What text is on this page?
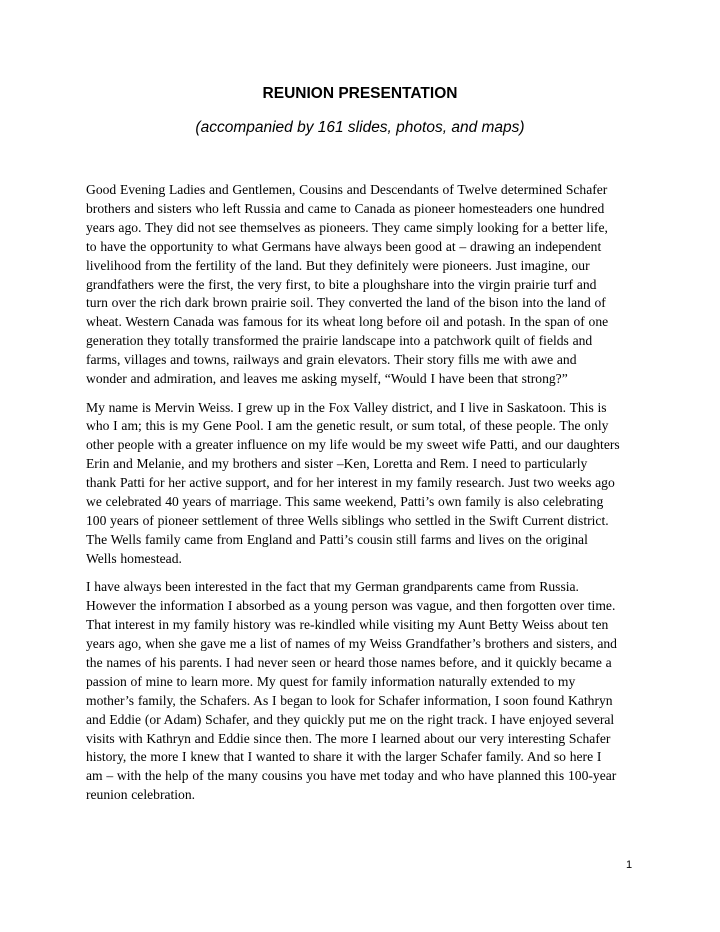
REUNION PRESENTATION
(accompanied by 161 slides, photos, and maps)

Good Evening Ladies and Gentlemen, Cousins and Descendants of Twelve determined Schafer
brothers and sisters who left Russia and came to Canada as pioneer homesteaders one hundred
years ago. They did not see themselves as pioneers. They came simply looking for a better life,
to have the opportunity to what Germans have always been good at – drawing an independent
livelihood from the fertility of the land. But they definitely were pioneers. Just imagine, our
grandfathers were the first, the very first, to bite a ploughshare into the virgin prairie turf and
turn over the rich dark brown prairie soil. They converted the land of the bison into the land of
wheat. Western Canada was famous for its wheat long before oil and potash. In the span of one
generation they totally transformed the prairie landscape into a patchwork quilt of fields and
farms, villages and towns, railways and grain elevators. Their story fills me with awe and
wonder and admiration, and leaves me asking myself, “Would I have been that strong?”

My name is Mervin Weiss. I grew up in the Fox Valley district, and I live in Saskatoon. This is
who I am; this is my Gene Pool. I am the genetic result, or sum total, of these people. The only
other people with a greater influence on my life would be my sweet wife Patti, and our daughters
Erin and Melanie, and my brothers and sister –Ken, Loretta and Rem. I need to particularly
thank Patti for her active support, and for her interest in my family research. Just two weeks ago
we celebrated 40 years of marriage. This same weekend, Patti’s own family is also celebrating
100 years of pioneer settlement of three Wells siblings who settled in the Swift Current district.
The Wells family came from England and Patti’s cousin still farms and lives on the original
Wells homestead.

I have always been interested in the fact that my German grandparents came from Russia.
However the information I absorbed as a young person was vague, and then forgotten over time.
That interest in my family history was re-kindled while visiting my Aunt Betty Weiss about ten
years ago, when she gave me a list of names of my Weiss Grandfather’s brothers and sisters, and
the names of his parents. I had never seen or heard those names before, and it quickly became a
passion of mine to learn more. My quest for family information naturally extended to my
mother’s family, the Schafers. As I began to look for Schafer information, I soon found Kathryn
and Eddie (or Adam) Schafer, and they quickly put me on the right track. I have enjoyed several
visits with Kathryn and Eddie since then. The more I learned about our very interesting Schafer
history, the more I knew that I wanted to share it with the larger Schafer family. And so here I
am – with the help of the many cousins you have met today and who have planned this 100-year
reunion celebration.

1
